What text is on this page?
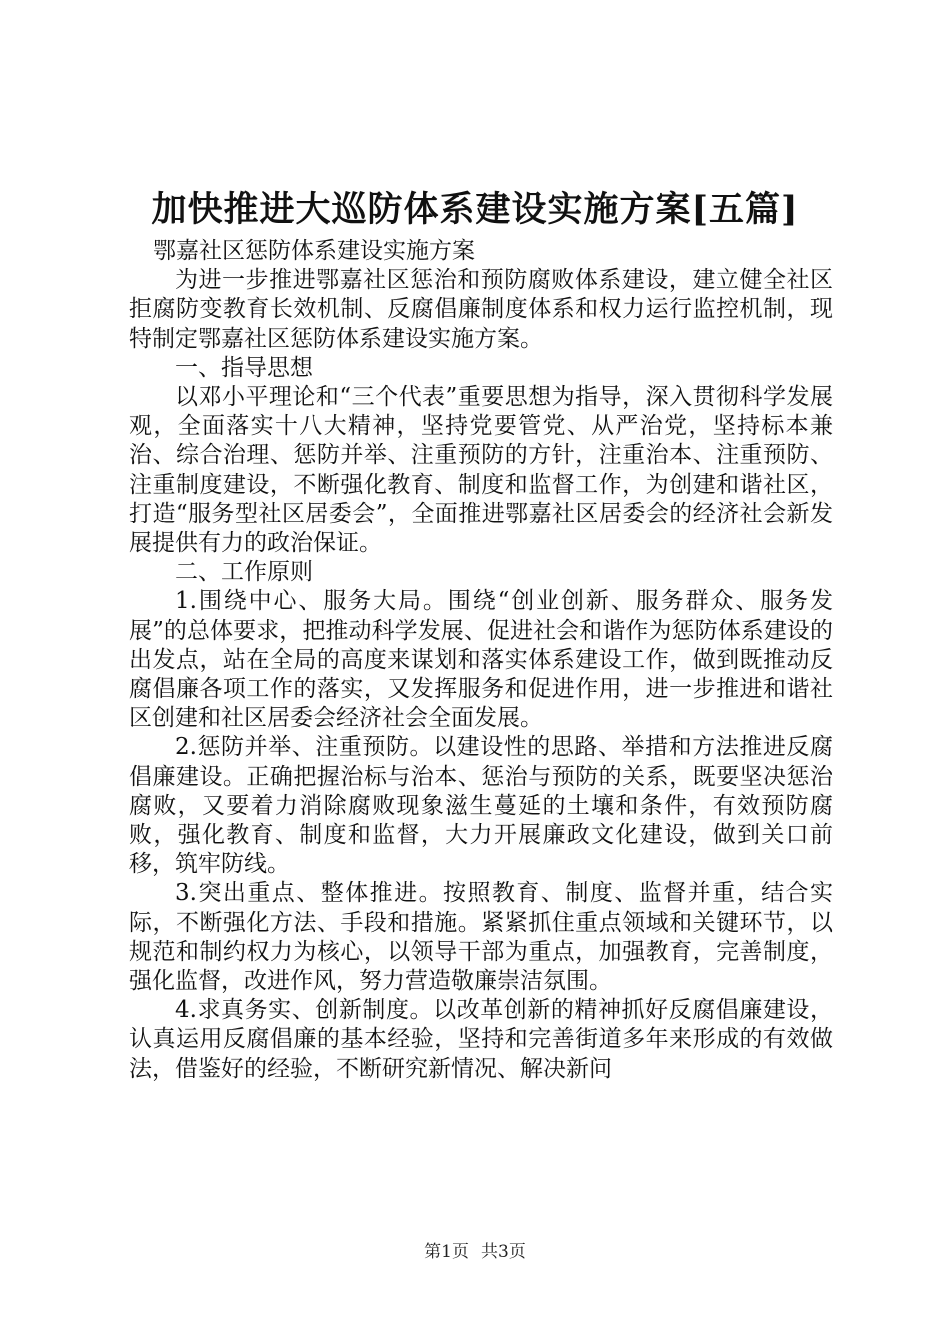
加快推进大巡防体系建设实施方案[五篇]

鄂嘉社区惩防体系建设实施方案

为进一步推进鄂嘉社区惩治和预防腐败体系建设，建立健全社区拒腐防变教育长效机制、反腐倡廉制度体系和权力运行监控机制，现特制定鄂嘉社区惩防体系建设实施方案。

一、指导思想

以邓小平理论和“三个代表”重要思想为指导，深入贯彻科学发展观，全面落实十八大精神，坚持党要管党、从严治党，坚持标本兼治、综合治理、惩防并举、注重预防的方针，注重治本、注重预防、注重制度建设，不断强化教育、制度和监督工作，为创建和谐社区，打造“服务型社区居委会”，全面推进鄂嘉社区居委会的经济社会新发展提供有力的政治保证。

二、工作原则

1.围绕中心、服务大局。围绕“创业创新、服务群众、服务发展”的总体要求，把推动科学发展、促进社会和谐作为惩防体系建设的出发点，站在全局的高度来谋划和落实体系建设工作，做到既推动反腐倡廉各项工作的落实，又发挥服务和促进作用，进一步推进和谐社区创建和社区居委会经济社会全面发展。

2.惩防并举、注重预防。以建设性的思路、举措和方法推进反腐倡廉建设。正确把握治标与治本、惩治与预防的关系，既要坚决惩治腐败，又要着力消除腐败现象滋生蔓延的土壤和条件，有效预防腐败，强化教育、制度和监督，大力开展廉政文化建设，做到关口前移，筑牢防线。

3.突出重点、整体推进。按照教育、制度、监督并重，结合实际，不断强化方法、手段和措施。紧紧抓住重点领域和关键环节，以规范和制约权力为核心，以领导干部为重点，加强教育，完善制度，强化监督，改进作风，努力营造敬廉崇洁氛围。

4.求真务实、创新制度。以改革创新的精神抓好反腐倡廉建设，认真运用反腐倡廉的基本经验，坚持和完善街道多年来形成的有效做法，借鉴好的经验，不断研究新情况、解决新问

第1页 共3页
